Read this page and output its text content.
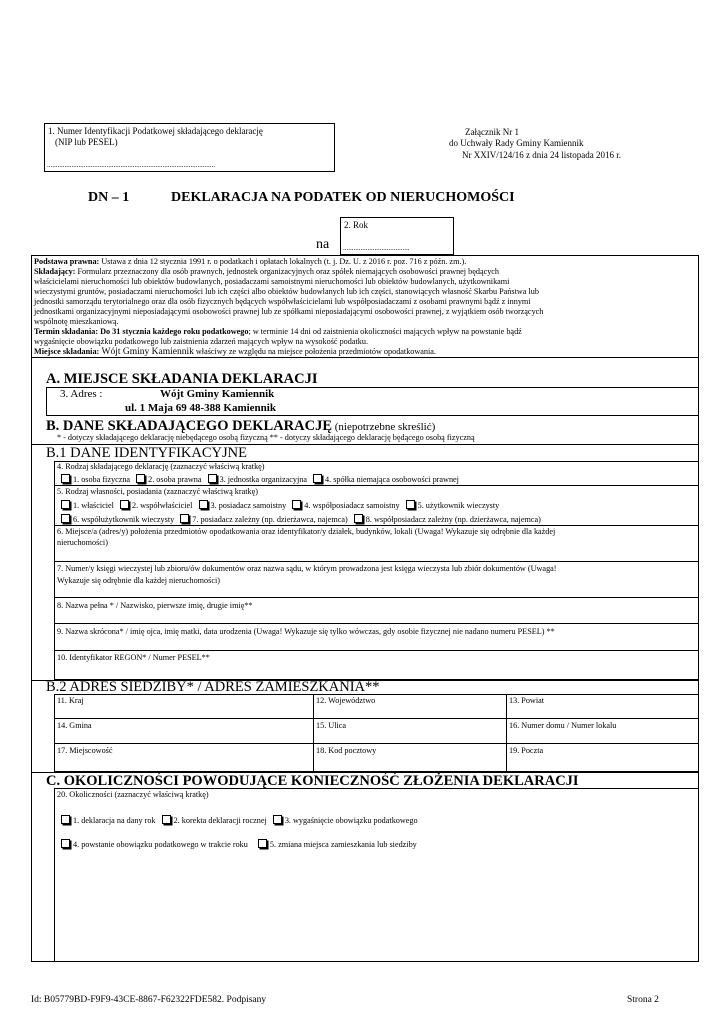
1. Numer Identyfikacji Podatkowej składającego deklarację
(NIP lub PESEL)
................................................................................................
Załącznik Nr 1
do Uchwały Rady Gminy Kamiennik
Nr XXIV/124/16 z dnia 24 listopada 2016 r.
DN – 1	DEKLARACJA NA PODATEK OD NIERUCHOMOŚCI
na
2. Rok
......................................
Podstawa prawna: Ustawa z dnia 12 stycznia 1991 r. o podatkach i opłatach lokalnych (t. j. Dz. U. z 2016 r. poz. 716 z późn. zm.).
Składający: Formularz przeznaczony dla osób prawnych, jednostek organizacyjnych oraz spółek niemających osobowości prawnej będących
właścicielami nieruchomości lub obiektów budowlanych, posiadaczami samoistnymi nieruchomości lub obiektów budowlanych, użytkownikami
wieczystymi gruntów, posiadaczami nieruchomości lub ich części albo obiektów budowlanych lub ich części, stanowiących własność Skarbu Państwa lub
jednostki samorządu terytorialnego oraz dla osób fizycznych będących współwłaścicielami lub współposiadaczami z osobami prawnymi bądź z innymi
jednostkami organizacyjnymi nieposiadającymi osobowości prawnej lub ze spółkami nieposiadającymi osobowości prawnej, z wyjątkiem osób tworzących
wspólnotę mieszkaniową.
Termin składania: Do 31 stycznia każdego roku podatkowego; w terminie 14 dni od zaistnienia okoliczności mających wpływ na powstanie bądź
wygaśnięcie obowiązku podatkowego lub zaistnienia zdarzeń mających wpływ na wysokość podatku.
Miejsce składania: Wójt Gminy Kamiennik właściwy ze względu na miejsce położenia przedmiotów opodatkowania.
A. MIEJSCE SKŁADANIA DEKLARACJI
3. Adres :	Wójt Gminy Kamiennik
ul. 1 Maja 69 48-388 Kamiennik
B. DANE SKŁADAJĄCEGO DEKLARACJĘ (niepotrzebne skreślić)
* - dotyczy składającego deklarację niebędącego osobą fizyczną ** - dotyczy składającego deklarację będącego osobą fizyczną
B.1 DANE IDENTYFIKACYJNE
4. Rodzaj składającego deklarację (zaznaczyć właściwą kratkę)
1. osoba fizyczna 2. osoba prawna 3. jednostka organizacyjna 4. spółka niemająca osobowości prawnej
5. Rodzaj własności, posiadania (zaznaczyć właściwą kratkę)
1. właściciel 2. współwłaściciel 3. posiadacz samoistny 4. współposiadacz samoistny 5. użytkownik wieczysty
6. współużytkownik wieczysty 7. posiadacz zależny (np. dzierżawca, najemca) 8. współposiadacz zależny (np. dzierżawca, najemca)
6. Miejsce/a (adres/y) położenia przedmiotów opodatkowania oraz identyfikator/y działek, budynków, lokali (Uwaga! Wykazuje się odrębnie dla każdej
nieruchomości)
7. Numer/y księgi wieczystej lub zbioru/ów dokumentów oraz nazwa sądu, w którym prowadzona jest księga wieczysta lub zbiór dokumentów (Uwaga!
Wykazuje się odrębnie dla każdej nieruchomości)
8. Nazwa pełna * / Nazwisko, pierwsze imię, drugie imię**
9. Nazwa skrócona* / imię ojca, imię matki, data urodzenia (Uwaga! Wykazuje się tylko wówczas, gdy osobie fizycznej nie nadano numeru PESEL) **
10. Identyfikator REGON* / Numer PESEL**
B.2 ADRES SIEDZIBY* / ADRES ZAMIESZKANIA**
11. Kraj	12. Województwo	13. Powiat
14. Gmina	15. Ulica	16. Numer domu / Numer lokalu
17. Miejscowość	18. Kod pocztowy	19. Poczta
C. OKOLICZNOŚCI POWODUJĄCE KONIECZNOŚĆ ZŁOŻENIA DEKLARACJI
20. Okoliczności (zaznaczyć właściwą kratkę)
1. deklaracja na dany rok 2. korekta deklaracji rocznej 3. wygaśnięcie obowiązku podatkowego
4. powstanie obowiązku podatkowego w trakcie roku	5. zmiana miejsca zamieszkania lub siedziby
Id: B05779BD-F9F9-43CE-8867-F62322FDE582. Podpisany	Strona 2
